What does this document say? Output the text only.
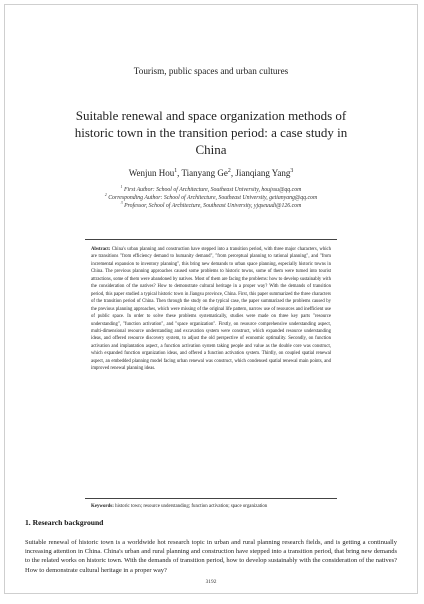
Tourism, public spaces and urban cultures
Suitable renewal and space organization methods of historic town in the transition period: a case study in China
Wenjun Hou$^1$, Tianyang Ge$^2$, Jianqiang Yang$^3$
$^1$ First Author: School of Architecture, Southeast University, houjssu@qq.com
$^2$ Corresponding Author: School of Architecture, Southeast University, getianyang@qq.com
$^3$ Professor, School of Architecture, Southeast University, yjqseuudi@126.com
Abstract: China's urban planning and construction have stepped into a transition period, with three major characters, which are transitions "from efficiency demand to humanity demand", "from perceptual planning to rational planning", and "from incremental expansion to inventory planning", this bring new demands to urban space planning, especially historic towns in China. The previous planning approaches caused some problems to historic towns, some of them were turned into tourist attractions, some of them were abandoned by natives. Most of them are facing the problems: how to develop sustainably with the consideration of the natives? How to demonstrate cultural heritage in a proper way? With the demands of transition period, this paper studied a typical historic town in Jiangsu province, China. First, this paper summarized the three characters of the transition period of China. Then through the study on the typical case, the paper summarized the problems caused by the previous planning approaches, which were missing of the original life pattern, narrow use of resources and inefficient use of public space. In order to solve these problems systematically, studies were made on three key parts "resource understanding", "function activation", and "space organization". Firstly, on resource comprehensive understanding aspect, multi-dimensional resource understanding and excavation system were construct, which expanded resource understanding ideas, and offered resource discovery system, to adjust the old perspective of economic optimality. Secondly, on function activation and implantation aspect, a function activation system taking people and value as the double core was construct, which expanded function organization ideas, and offered a function activation system. Thirdly, on coupled spatial renewal aspect, an embedded planning model facing urban renewal was construct, which condensed spatial renewal main points, and improved renewal planning ideas.
Keywords: historic town; resource understanding; function activation; space organization
1. Research background
Suitable renewal of historic town is a worldwide hot research topic in urban and rural planning research fields, and is getting a continually increasing attention in China. China's urban and rural planning and construction have stepped into a transition period, that bring new demands to the related works on historic town. With the demands of transition period, how to develop sustainably with the consideration of the natives? How to demonstrate cultural heritage in a proper way?
3192
